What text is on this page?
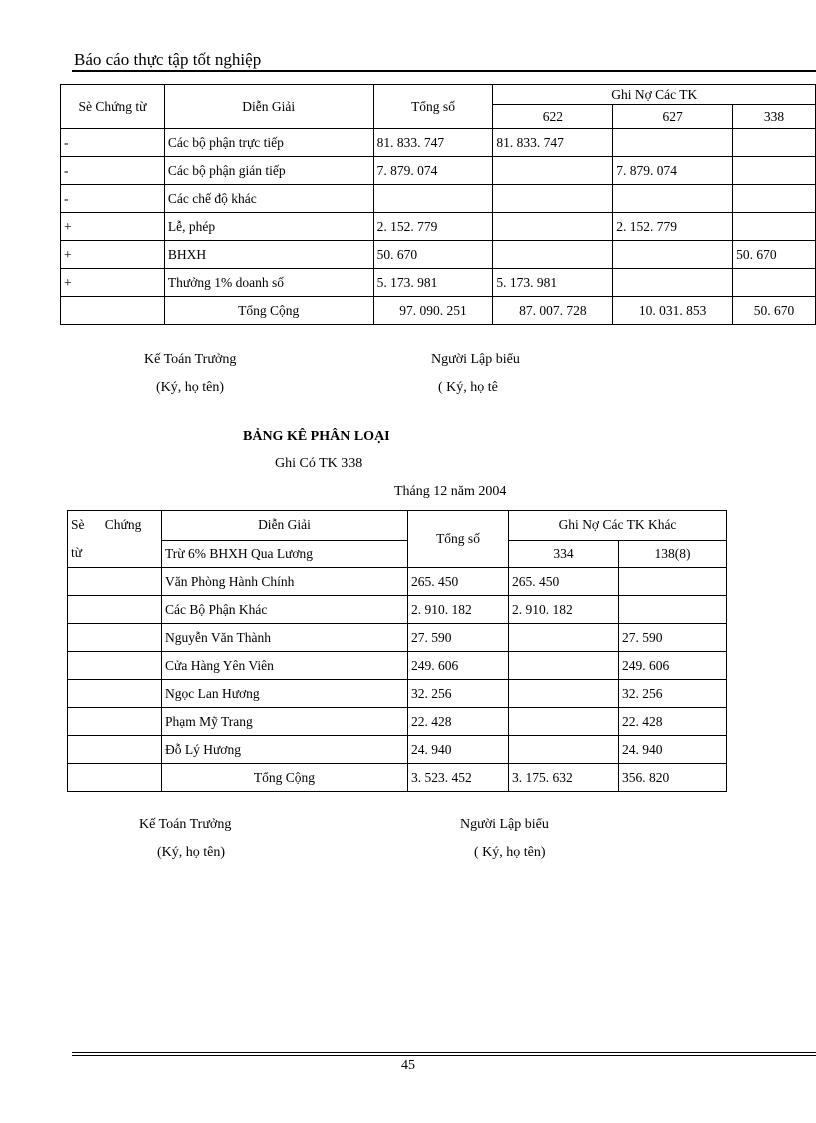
Báo cáo thực tập tốt nghiệp
Sè Chứng từ	Diễn Giải	Tổng số	Ghi Nợ Các TK		
			622	627	338
-	Các bộ phận trực tiếp	81. 833. 747	81. 833. 747		
-	Các bộ phận gián tiếp	7. 879. 074		7. 879. 074	
-	Các chế độ khác				
+	Lễ, phép	2. 152. 779		2. 152. 779	
+	BHXH	50. 670			50. 670
+	Thưởng 1% doanh số	5. 173. 981	5. 173. 981		
	Tổng Cộng	97. 090. 251	87. 007. 728	10. 031. 853	50. 670
Kế Toán Trưởng
(Ký, họ tên)
Người Lập biểu
( Ký, họ tê
BẢNG KÊ PHÂN LOẠI
Ghi Có TK 338
Tháng 12 năm 2004
Sè      Chứng
từ	Diễn Giải	Tổng số	Ghi Nợ Các TK Khác	
	Trừ 6% BHXH Qua Lương		334	138(8)
	Văn Phòng Hành Chính	265. 450	265. 450	
	Các Bộ Phận Khác	2. 910. 182	2. 910. 182	
	Nguyễn Văn Thành	27. 590		27. 590
	Cửa Hàng Yên Viên	249. 606		249. 606
	Ngọc Lan Hương	32. 256		32. 256
	Phạm Mỹ Trang	22. 428		22. 428
	Đỗ Lý Hương	24. 940		24. 940
	Tổng Cộng	3. 523. 452	3. 175. 632	356. 820
Kế Toán Trưởng
(Ký, họ tên)
Người Lập biểu
( Ký, họ tên)
45
